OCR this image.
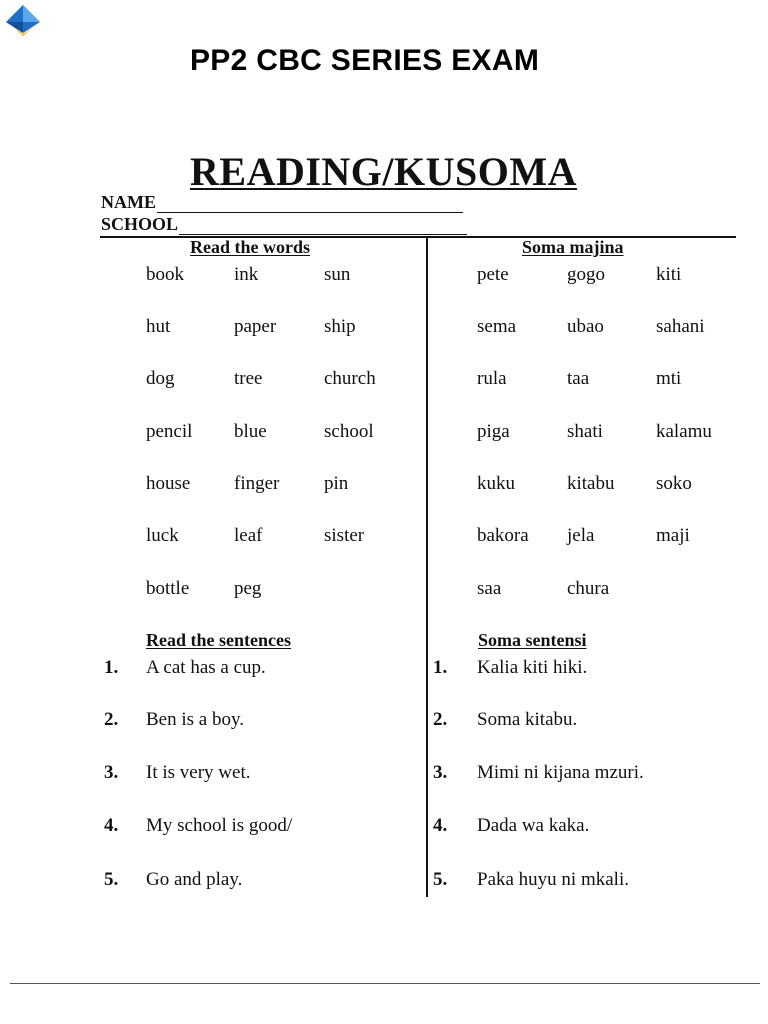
PP2 CBC SERIES EXAM
READING/KUSOMA
NAME
SCHOOL
Read the words	Soma majina
book	ink	sun
hut	paper	ship
dog	tree	church
pencil blue	school
house finger pin
luck	leaf	sister
bottle peg
pete	gogo	kiti
sema	ubao	sahani
rula	taa	mti
piga	shati	kalamu
kuku	kitabu soko
bakora jela	maji
saa	chura
Read the sentences	Soma sentensi
1. A cat has a cup.
2. Ben is a boy.
3. It is very wet.
4. My school is good/
5. Go and play.
1. Kalia kiti hiki.
2. Soma kitabu.
3. Mimi ni kijana mzuri.
4. Dada wa kaka.
5. Paka huyu ni mkali.
